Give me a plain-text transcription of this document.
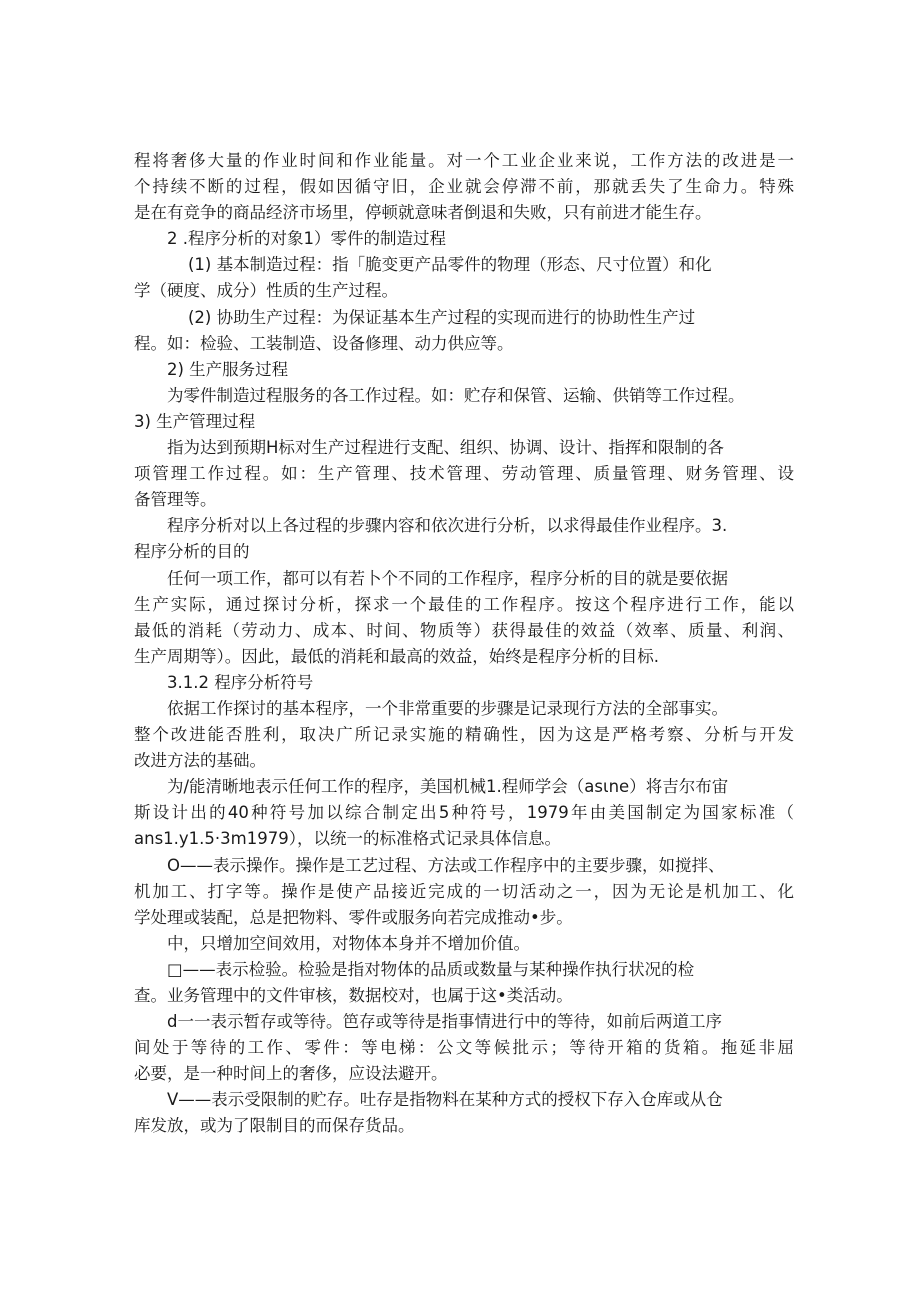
程将奢侈大量的作业时间和作业能量。对一个工业企业来说，工作方法的改进是一
个持续不断的过程，假如因循守旧，企业就会停滞不前，那就丢失了生命力。特殊
是在有竞争的商品经济市场里，停顿就意味者倒退和失败，只有前进才能生存。
2 .程序分析的对象1）零件的制造过程
(1) 基本制造过程：指「脆变更产品零件的物理（形态、尺寸位置）和化
学（硬度、成分）性质的生产过程。
(2) 协助生产过程：为保证基本生产过程的实现而进行的协助性生产过
程。如：检验、工装制造、设备修理、动力供应等。
2) 生产服务过程
为零件制造过程服务的各工作过程。如：贮存和保管、运输、供销等工作过程。
3) 生产管理过程
指为达到预期H标对生产过程进行支配、组织、协调、设计、指挥和限制的各
项管理工作过程。如：生产管理、技术管理、劳动管理、质量管理、财务管理、设
备管理等。
程序分析对以上各过程的步骤内容和依次进行分析，以求得最佳作业程序。3.
程序分析的目的
任何一项工作，都可以有若卜个不同的工作程序，程序分析的目的就是要依据
生产实际，通过探讨分析，探求一个最佳的工作程序。按这个程序进行工作，能以
最低的消耗（劳动力、成本、时间、物质等）获得最佳的效益（效率、质量、利润、
生产周期等）。因此，最低的消耗和最高的效益，始终是程序分析的目标.
3.1.2 程序分析符号
依据工作探讨的基本程序，一个非常重要的步骤是记录现行方法的全部事实。
整个改进能否胜利，取决广所记录实施的精确性，因为这是严格考察、分析与开发
改进方法的基础。
为/能清晰地表示任何工作的程序，美国机械1.程师学会（asιne）将吉尔布宙
斯设计出的40种符号加以综合制定出5种符号，1979年由美国制定为国家标准（
ans1.y1.5·3m1979），以统一的标准格式记录具体信息。
O——表示操作。操作是工艺过程、方法或工作程序中的主要步骤，如搅拌、
机加工、打字等。操作是使产品接近完成的一切活动之一，因为无论是机加工、化
学处理或装配，总是把物料、零件或服务向若完成推动•步。
中，只增加空间效用，对物体本身并不增加价值。
□——表示检验。检验是指对物体的品质或数量与某种操作执行状况的检
查。业务管理中的文件审核，数据校对，也属于这•类活动。
d一一表示暂存或等待。笆存或等待是指事情进行中的等待，如前后两道工序
间处于等待的工作、零件：等电梯：公文等候批示；等待开箱的货箱。拖延非屈
必要，是一种时间上的奢侈，应设法避开。
V——表示受限制的贮存。吐存是指物料在某种方式的授权下存入仓库或从仓
库发放，或为了限制目的而保存货品。
